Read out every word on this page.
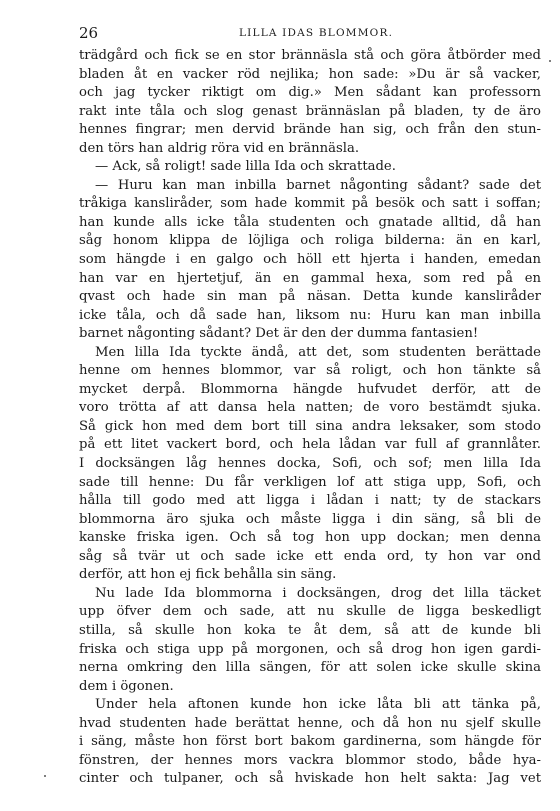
26	LILLA IDAS BLOMMOR.
trädgård och fick se en stor brännäsla stå och göra åtbörder med
bladen åt en vacker röd nejlika; hon sade: »Du är så vacker,
och jag tycker riktigt om dig.» Men sådant kan professorn
rakt inte tåla och slog genast brännäslan på bladen, ty de äro
hennes fingrar; men dervid brände han sig, och från den stun-
den törs han aldrig röra vid en brännäsla.
— Ack, så roligt! sade lilla Ida och skrattade.
— Huru kan man inbilla barnet någonting sådant? sade det
tråkiga kansliråder, som hade kommit på besök och satt i soffan;
han kunde alls icke tåla studenten och gnatade alltid, då han
såg honom klippa de löjliga och roliga bilderna: än en karl,
som hängde i en galgo och höll ett hjerta i handen, emedan
han var en hjertetjuf, än en gammal hexa, som red på en
qvast och hade sin man på näsan. Detta kunde kansliråder
icke tåla, och då sade han, liksom nu: Huru kan man inbilla
barnet någonting sådant? Det är den der dumma fantasien!
Men lilla Ida tyckte ändå, att det, som studenten berättade
henne om hennes blommor, var så roligt, och hon tänkte så
mycket derpå. Blommorna hängde hufvudet derför, att de
voro trötta af att dansa hela natten; de voro bestämdt sjuka.
Så gick hon med dem bort till sina andra leksaker, som stodo
på ett litet vackert bord, och hela lådan var full af grannlåter.
I docksängen låg hennes docka, Sofi, och sof; men lilla Ida
sade till henne: Du får verkligen lof att stiga upp, Sofi, och
hålla till godo med att ligga i lådan i natt; ty de stackars
blommorna äro sjuka och måste ligga i din säng, så bli de
kanske friska igen. Och så tog hon upp dockan; men denna
såg så tvär ut och sade icke ett enda ord, ty hon var ond
derför, att hon ej fick behålla sin säng.
Nu lade Ida blommorna i docksängen, drog det lilla täcket
upp öfver dem och sade, att nu skulle de ligga beskedligt
stilla, så skulle hon koka te åt dem, så att de kunde bli
friska och stiga upp på morgonen, och så drog hon igen gardi-
nerna omkring den lilla sängen, för att solen icke skulle skina
dem i ögonen.
Under hela aftonen kunde hon icke låta bli att tänka på,
hvad studenten hade berättat henne, och då hon nu sjelf skulle
i säng, måste hon först bort bakom gardinerna, som hängde för
fönstren, der hennes mors vackra blommor stodo, både hya-
cinter och tulpaner, och så hviskade hon helt sakta: Jag vet
